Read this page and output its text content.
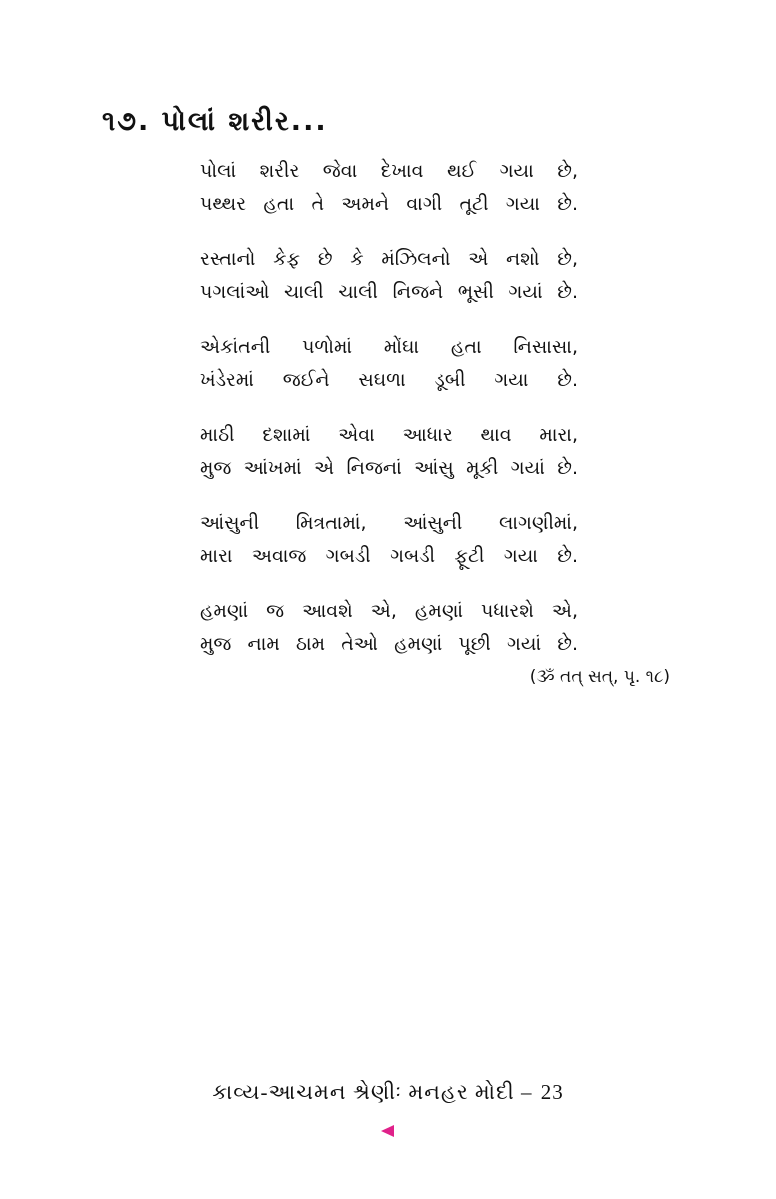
૧૭. પોલાં શરીર...
પોલાં શરીર જેવા દેખાવ થઈ ગયા છે,
પથ્થર હતા તે અમને વાગી તૂટી ગયા છે.
રસ્તાનો કેફ છે કે મંઝિલનો એ નશો છે,
પગલાંઓ ચાલી ચાલી નિજને ભૂસી ગયાં છે.
એકાંતની પળોમાં મોંઘા હતા નિસાસા,
ખંડેરમાં જઈને સઘળા ડૂબી ગયા છે.
માઠી દશામાં એવા આધાર થાવ મારા,
મુજ આંખમાં એ નિજનાં આંસુ મૂકી ગયાં છે.
આંસુની મિત્રતામાં, આંસુની લાગણીમાં,
મારા અવાજ ગબડી ગબડી ફૂટી ગયા છે.
હમણાં જ આવશે એ, હમણાં પધારશે એ,
મુજ નામ ઠામ તેઓ હમણાં પૂછી ગયાં છે.
(ૐ તત્ સત્, પૃ. ૧૮)
કાવ્ય-આચમન શ્રેણીઃ મનહર મોદી – 23
